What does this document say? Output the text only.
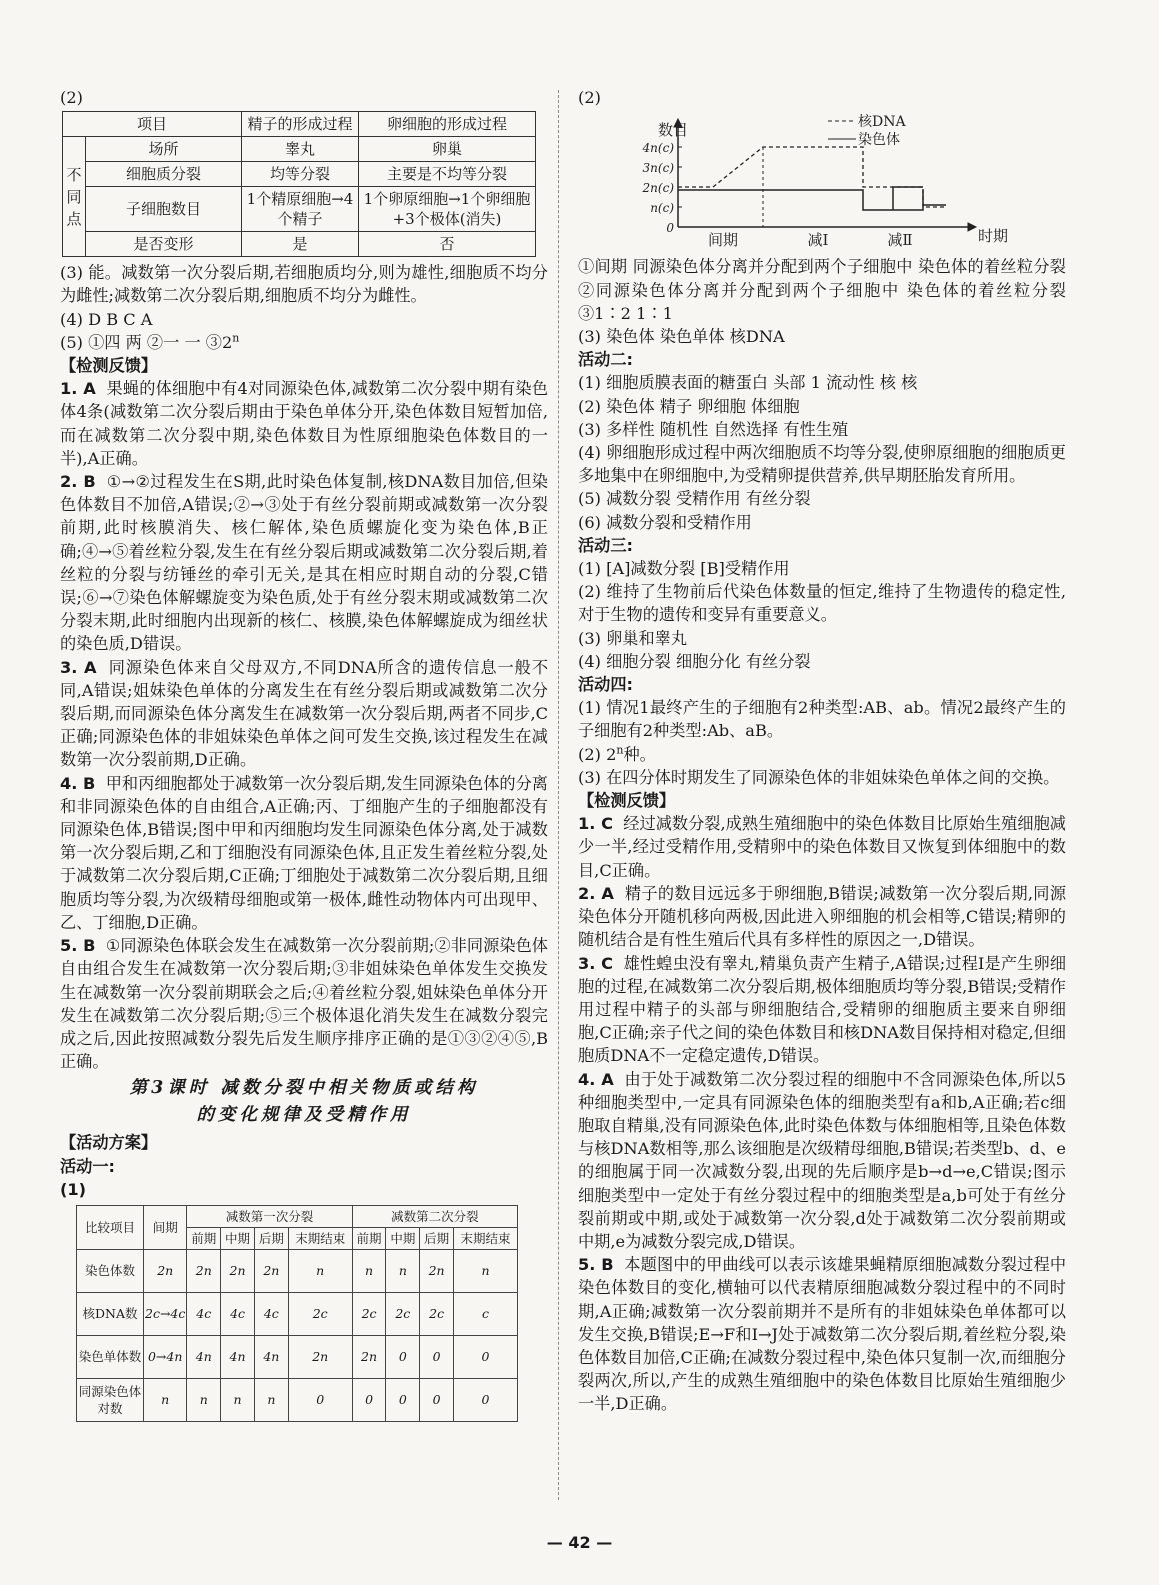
(2)

项目		精子的形成过程	卵细胞的形成过程
不同点	场所	睾丸	卵巢
	细胞质分裂	均等分裂	主要是不均等分裂
	子细胞数目	1个精原细胞→4个精子	1个卵原细胞→1个卵细胞+3个极体(消失)
	是否变形	是	否

(3) 能。减数第一次分裂后期,若细胞质均分,则为雄性,细胞质不均分为雌性;减数第二次分裂后期,细胞质不均分为雌性。

(4) D B C A

(5) ①四 两 ②一 一 ③2$^n$

【检测反馈】

1. A 果蝇的体细胞中有4对同源染色体,减数第二次分裂中期有染色体4条(减数第二次分裂后期由于染色单体分开,染色体数目短暂加倍,而在减数第二次分裂中期,染色体数目为性原细胞染色体数目的一半),A正确。

2. B ①→②过程发生在S期,此时染色体复制,核DNA数目加倍,但染色体数目不加倍,A错误;②→③处于有丝分裂前期或减数第一次分裂前期,此时核膜消失、核仁解体,染色质螺旋化变为染色体,B正确;④→⑤着丝粒分裂,发生在有丝分裂后期或减数第二次分裂后期,着丝粒的分裂与纺锤丝的牵引无关,是其在相应时期自动的分裂,C错误;⑥→⑦染色体解螺旋变为染色质,处于有丝分裂末期或减数第二次分裂末期,此时细胞内出现新的核仁、核膜,染色体解螺旋成为细丝状的染色质,D错误。

3. A 同源染色体来自父母双方,不同DNA所含的遗传信息一般不同,A错误;姐妹染色单体的分离发生在有丝分裂后期或减数第二次分裂后期,而同源染色体分离发生在减数第一次分裂后期,两者不同步,C正确;同源染色体的非姐妹染色单体之间可发生交换,该过程发生在减数第一次分裂前期,D正确。

4. B 甲和丙细胞都处于减数第一次分裂后期,发生同源染色体的分离和非同源染色体的自由组合,A正确;丙、丁细胞产生的子细胞都没有同源染色体,B错误;图中甲和丙细胞均发生同源染色体分离,处于减数第一次分裂后期,乙和丁细胞没有同源染色体,且正发生着丝粒分裂,处于减数第二次分裂后期,C正确;丁细胞处于减数第二次分裂后期,且细胞质均等分裂,为次级精母细胞或第一极体,雌性动物体内可出现甲、乙、丁细胞,D正确。

5. B ①同源染色体联会发生在减数第一次分裂前期;②非同源染色体自由组合发生在减数第一次分裂后期;③非姐妹染色单体发生交换发生在减数第一次分裂前期联会之后;④着丝粒分裂,姐妹染色单体分开发生在减数第二次分裂后期;⑤三个极体退化消失发生在减数分裂完成之后,因此按照减数分裂先后发生顺序排序正确的是①③②④⑤,B正确。

第3课时 减数分裂中相关物质或结构
的变化规律及受精作用

【活动方案】

活动一:

(1)

比较项目	间期	减数第一次分裂				减数第二次分裂			
		前期	中期	后期	末期结束	前期	中期	后期	末期结束
染色体数	2n	2n	2n	2n	n	n	n	2n	n
核DNA数	2c→4c	4c	4c	4c	2c	2c	2c	2c	c
染色单体数	0→4n	4n	4n	4n	2n	2n	0	0	0
同源染色体对数	n	n	n	n	0	0	0	0	0

(2)

数目
时期
4n(c)
3n(c)
2n(c)
n(c)
0
间期	减Ⅰ	减Ⅱ
核DNA
染色体

①间期 同源染色体分离并分配到两个子细胞中 染色体的着丝粒分裂 ②同源染色体分离并分配到两个子细胞中 染色体的着丝粒分裂 ③1∶2 1∶1

(3) 染色体 染色单体 核DNA

活动二:

(1) 细胞质膜表面的糖蛋白 头部 1 流动性 核 核

(2) 染色体 精子 卵细胞 体细胞

(3) 多样性 随机性 自然选择 有性生殖

(4) 卵细胞形成过程中两次细胞质不均等分裂,使卵原细胞的细胞质更多地集中在卵细胞中,为受精卵提供营养,供早期胚胎发育所用。

(5) 减数分裂 受精作用 有丝分裂

(6) 减数分裂和受精作用

活动三:

(1) [A]减数分裂 [B]受精作用

(2) 维持了生物前后代染色体数量的恒定,维持了生物遗传的稳定性,对于生物的遗传和变异有重要意义。

(3) 卵巢和睾丸

(4) 细胞分裂 细胞分化 有丝分裂

活动四:

(1) 情况1最终产生的子细胞有2种类型:AB、ab。情况2最终产生的子细胞有2种类型:Ab、aB。

(2) 2$^n$种。

(3) 在四分体时期发生了同源染色体的非姐妹染色单体之间的交换。

【检测反馈】

1. C 经过减数分裂,成熟生殖细胞中的染色体数目比原始生殖细胞减少一半,经过受精作用,受精卵中的染色体数目又恢复到体细胞中的数目,C正确。

2. A 精子的数目远远多于卵细胞,B错误;减数第一次分裂后期,同源染色体分开随机移向两极,因此进入卵细胞的机会相等,C错误;精卵的随机结合是有性生殖后代具有多样性的原因之一,D错误。

3. C 雄性蝗虫没有睾丸,精巢负责产生精子,A错误;过程Ⅰ是产生卵细胞的过程,在减数第二次分裂后期,极体细胞质均等分裂,B错误;受精作用过程中精子的头部与卵细胞结合,受精卵的细胞质主要来自卵细胞,C正确;亲子代之间的染色体数目和核DNA数目保持相对稳定,但细胞质DNA不一定稳定遗传,D错误。

4. A 由于处于减数第二次分裂过程的细胞中不含同源染色体,所以5种细胞类型中,一定具有同源染色体的细胞类型有a和b,A正确;若c细胞取自精巢,没有同源染色体,此时染色体数与体细胞相等,且染色体数与核DNA数相等,那么该细胞是次级精母细胞,B错误;若类型b、d、e的细胞属于同一次减数分裂,出现的先后顺序是b→d→e,C错误;图示细胞类型中一定处于有丝分裂过程中的细胞类型是a,b可处于有丝分裂前期或中期,或处于减数第一次分裂,d处于减数第二次分裂前期或中期,e为减数分裂完成,D错误。

5. B 本题图中的甲曲线可以表示该雄果蝇精原细胞减数分裂过程中染色体数目的变化,横轴可以代表精原细胞减数分裂过程中的不同时期,A正确;减数第一次分裂前期并不是所有的非姐妹染色单体都可以发生交换,B错误;E→F和I→J处于减数第二次分裂后期,着丝粒分裂,染色体数目加倍,C正确;在减数分裂过程中,染色体只复制一次,而细胞分裂两次,所以,产生的成熟生殖细胞中的染色体数目比原始生殖细胞少一半,D正确。

— 42 —
